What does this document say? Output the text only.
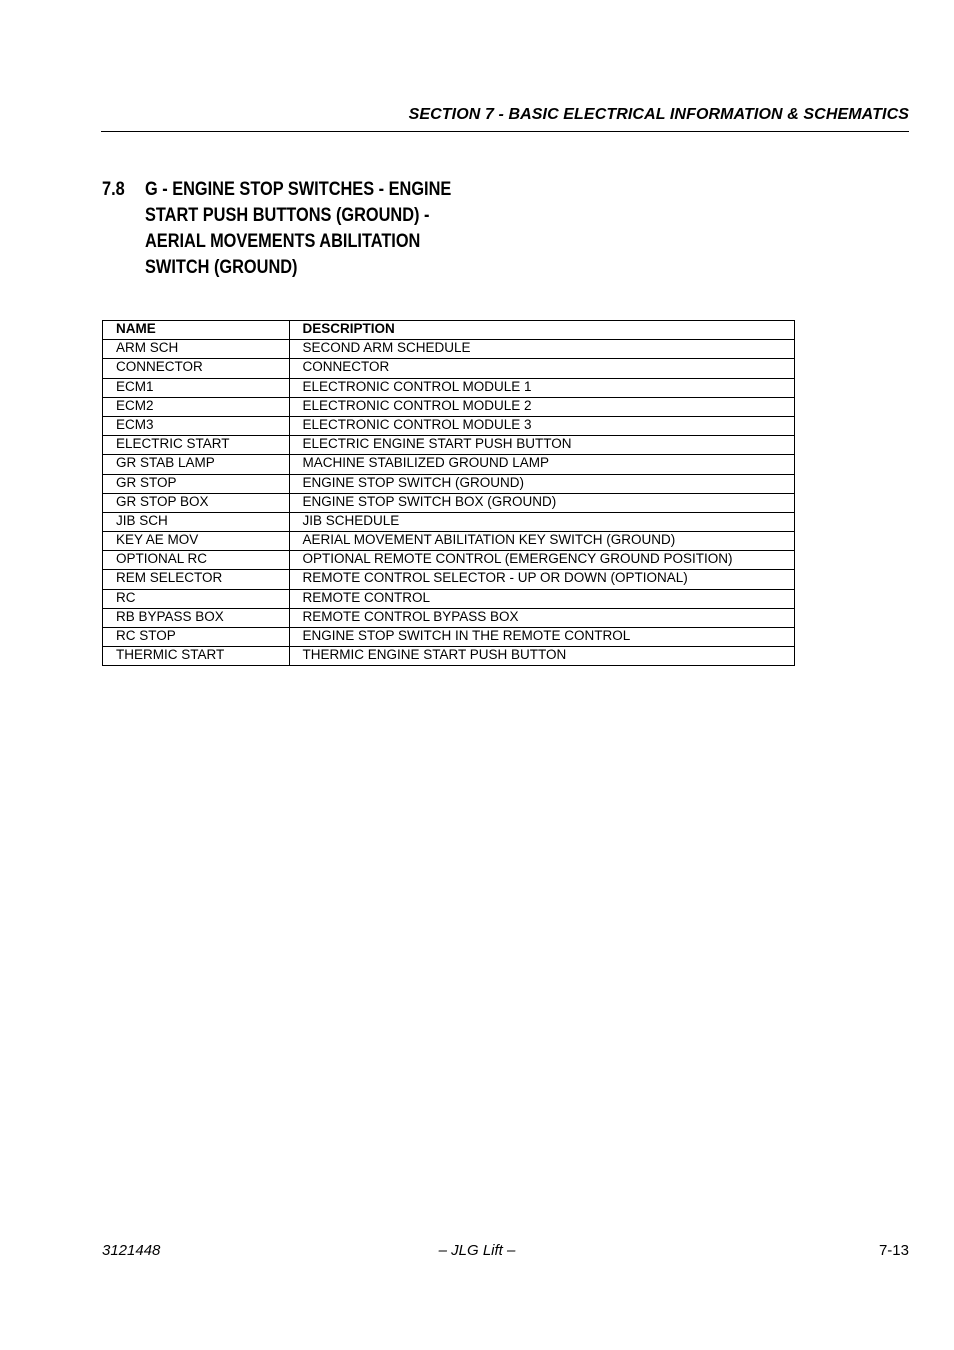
SECTION 7 - BASIC ELECTRICAL INFORMATION & SCHEMATICS
7.8 G - ENGINE STOP SWITCHES - ENGINE
START PUSH BUTTONS (GROUND) -
AERIAL MOVEMENTS ABILITATION
SWITCH (GROUND)
NAME	DESCRIPTION
ARM SCH	SECOND ARM SCHEDULE
CONNECTOR	CONNECTOR
ECM1	ELECTRONIC CONTROL MODULE 1
ECM2	ELECTRONIC CONTROL MODULE 2
ECM3	ELECTRONIC CONTROL MODULE 3
ELECTRIC START	ELECTRIC ENGINE START PUSH BUTTON
GR STAB LAMP	MACHINE STABILIZED GROUND LAMP
GR STOP	ENGINE STOP SWITCH (GROUND)
GR STOP BOX	ENGINE STOP SWITCH BOX (GROUND)
JIB SCH	JIB SCHEDULE
KEY AE MOV	AERIAL MOVEMENT ABILITATION KEY SWITCH (GROUND)
OPTIONAL RC	OPTIONAL REMOTE CONTROL (EMERGENCY GROUND POSITION)
REM SELECTOR	REMOTE CONTROL SELECTOR - UP OR DOWN (OPTIONAL)
RC	REMOTE CONTROL
RB BYPASS BOX	REMOTE CONTROL BYPASS BOX
RC STOP	ENGINE STOP SWITCH IN THE REMOTE CONTROL
THERMIC START	THERMIC ENGINE START PUSH BUTTON
3121448	– JLG Lift –	7-13
